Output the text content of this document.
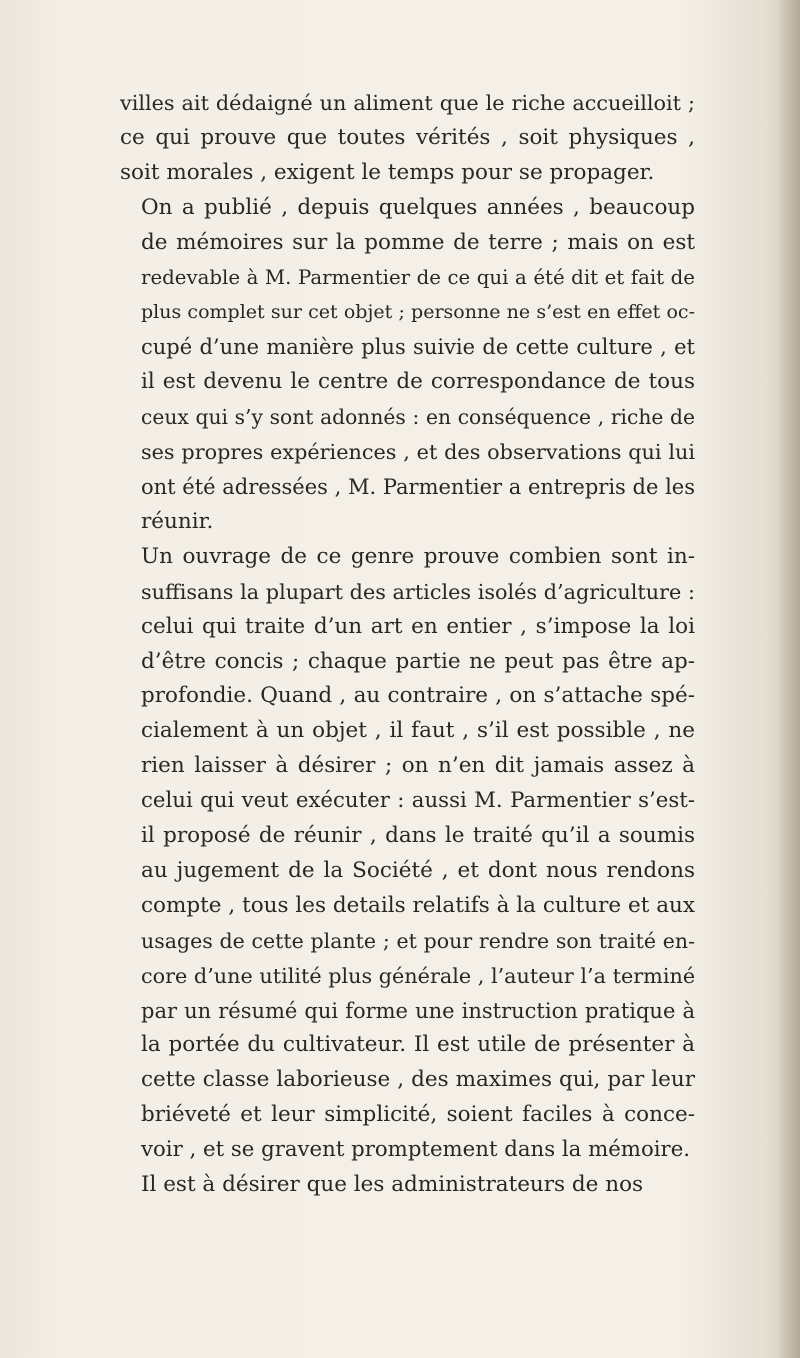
villes ait dédaigné un aliment que le riche accueilloit ;
ce qui prouve que toutes vérités , soit physiques ,
soit morales , exigent le temps pour se propager.

On a publié , depuis quelques années , beaucoup
de mémoires sur la pomme de terre ; mais on est
redevable à M. Parmentier de ce qui a été dit et fait de
plus complet sur cet objet ; personne ne s’est en effet oc-
cupé d’une manière plus suivie de cette culture , et
il est devenu le centre de correspondance de tous
ceux qui s’y sont adonnés : en conséquence , riche de
ses propres expériences , et des observations qui lui
ont été adressées , M. Parmentier a entrepris de les
réunir.

Un ouvrage de ce genre prouve combien sont in-
suffisans la plupart des articles isolés d’agriculture :
celui qui traite d’un art en entier , s’impose la loi
d’être concis ; chaque partie ne peut pas être ap-
profondie. Quand , au contraire , on s’attache spé-
cialement à un objet , il faut , s’il est possible , ne
rien laisser à désirer ; on n’en dit jamais assez à
celui qui veut exécuter : aussi M. Parmentier s’est-
il proposé de réunir , dans le traité qu’il a soumis
au jugement de la Société , et dont nous rendons
compte , tous les details relatifs à la culture et aux
usages de cette plante ; et pour rendre son traité en-
core d’une utilité plus générale , l’auteur l’a terminé
par un résumé qui forme une instruction pratique à
la portée du cultivateur. Il est utile de présenter à
cette classe laborieuse , des maximes qui, par leur
briéveté et leur simplicité, soient faciles à conce-
voir , et se gravent promptement dans la mémoire.

Il est à désirer que les administrateurs de nos
